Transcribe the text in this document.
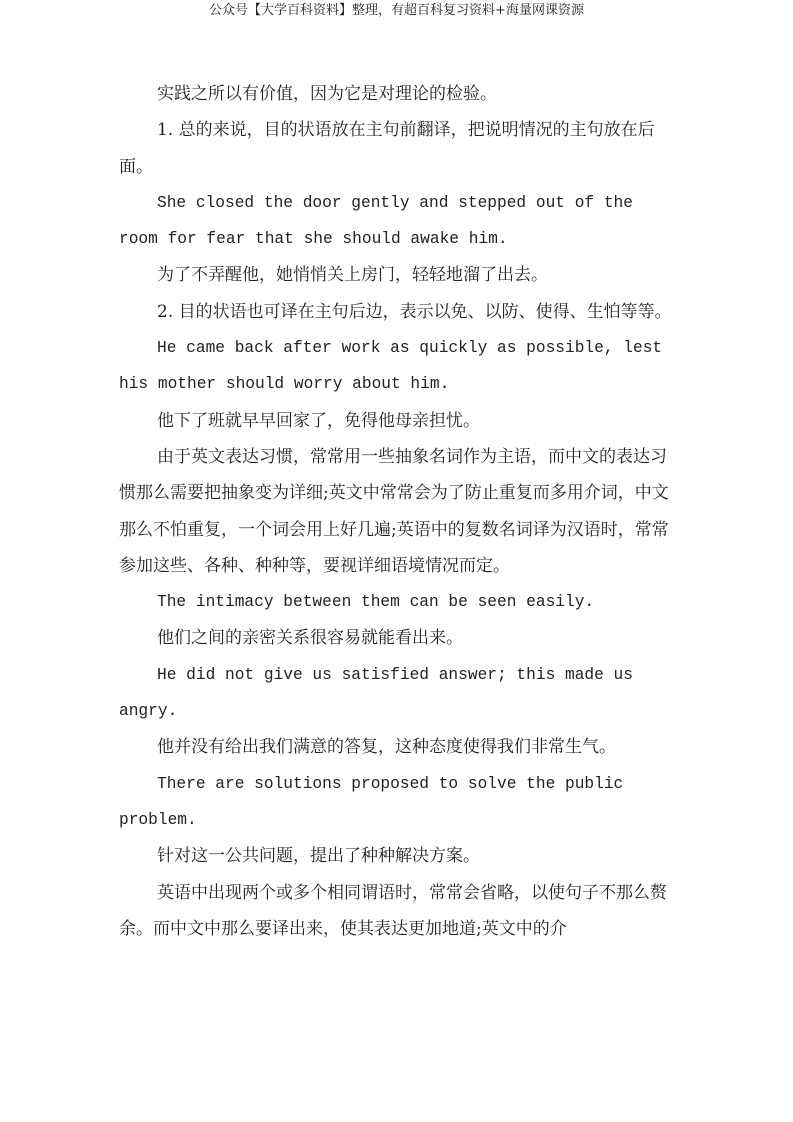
公众号【大学百科资料】整理，有超百科复习资料+海量网课资源

实践之所以有价值，因为它是对理论的检验。

1. 总的来说，目的状语放在主句前翻译，把说明情况的主句放在后面。

She closed the door gently and stepped out of the room for fear that she should awake him.

为了不弄醒他，她悄悄关上房门，轻轻地溜了出去。

2. 目的状语也可译在主句后边，表示以免、以防、使得、生怕等等。

He came back after work as quickly as possible, lest his mother should worry about him.

他下了班就早早回家了，免得他母亲担忧。

由于英文表达习惯，常常用一些抽象名词作为主语，而中文的表达习惯那么需要把抽象变为详细;英文中常常会为了防止重复而多用介词，中文那么不怕重复，一个词会用上好几遍;英语中的复数名词译为汉语时，常常参加这些、各种、种种等，要视详细语境情况而定。

The intimacy between them can be seen easily.

他们之间的亲密关系很容易就能看出来。

He did not give us satisfied answer; this made us angry.

他并没有给出我们满意的答复，这种态度使得我们非常生气。

There are solutions proposed to solve the public problem.

针对这一公共问题，提出了种种解决方案。

英语中出现两个或多个相同谓语时，常常会省略，以使句子不那么赘余。而中文中那么要译出来，使其表达更加地道;英文中的介
